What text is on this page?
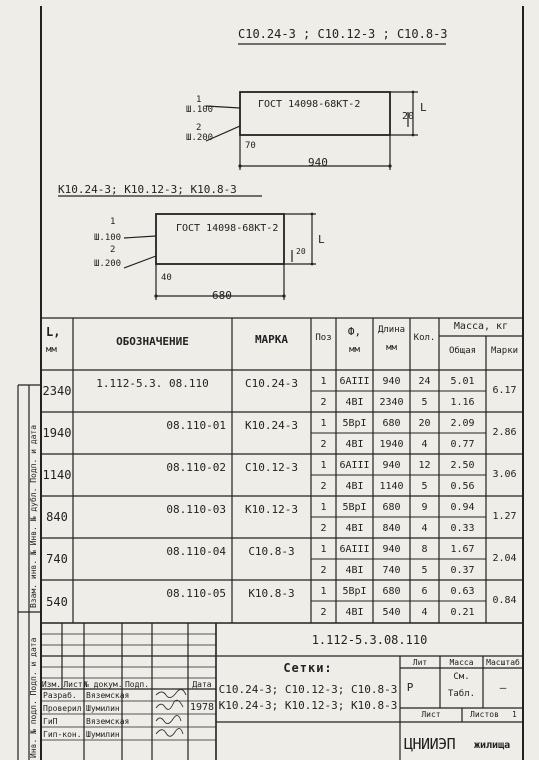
С10.24-3 ; С10.12-3 ; С10.8-3
1
Ш.100
2
Ш.200
ГОСТ 14098-68КТ-2
20
L
70
940
К10.24-3; К10.12-3; К10.8-3
1
Ш.100
2
Ш.200
ГОСТ 14098-68КТ-2
20
L
40
680
L,
мм
ОБОЗНАЧЕНИЕ	МАРКА	Поз	Ф,
мм
Длина
мм
Кол.
Масса, кг
Общая	Марки
2340
1.112-5.3. 08.110	С10.24-3	1	6АIII	940	24	5.01
2	4BI	2340	5	1.16
6.17
1940
08.110-01	К10.24-3	1	5BрI	680	20	2.09
2	4BI	1940	4	0.77
2.86
1140
08.110-02	С10.12-3	1	6АIII	940	12	2.50
2	4BI	1140	5	0.56
3.06
840
08.110-03	К10.12-3	1	5BрI	680	9	0.94
2	4BI	840	4	0.33
1.27
740
08.110-04	С10.8-3	1	6АIII	940	8	1.67
2	4BI	740	5	0.37
2.04
540
08.110-05	К10.8-3	1	5BрI	680	6	0.63
2	4BI	540	4	0.21
0.84
1.112-5.3.08.110
Изм. Лист № докум. Подп.	Дата
Разраб. Вяземская
Проверил Шумилин
ГиП	Вяземская
Гип-кон. Шумилин
1978
Сетки:
С10.24-3; С10.12-3; С10.8-3
К10.24-3; К10.12-3; К10.8-3
Лит	Масса	Масштаб
Р
См.
Табл.	—
Лист	Листов 1
ЦНИИЭП жилища
Взам. инв. № Инв. № дубл. Подп. и дата
Инв. № подл. Подп. и дата
